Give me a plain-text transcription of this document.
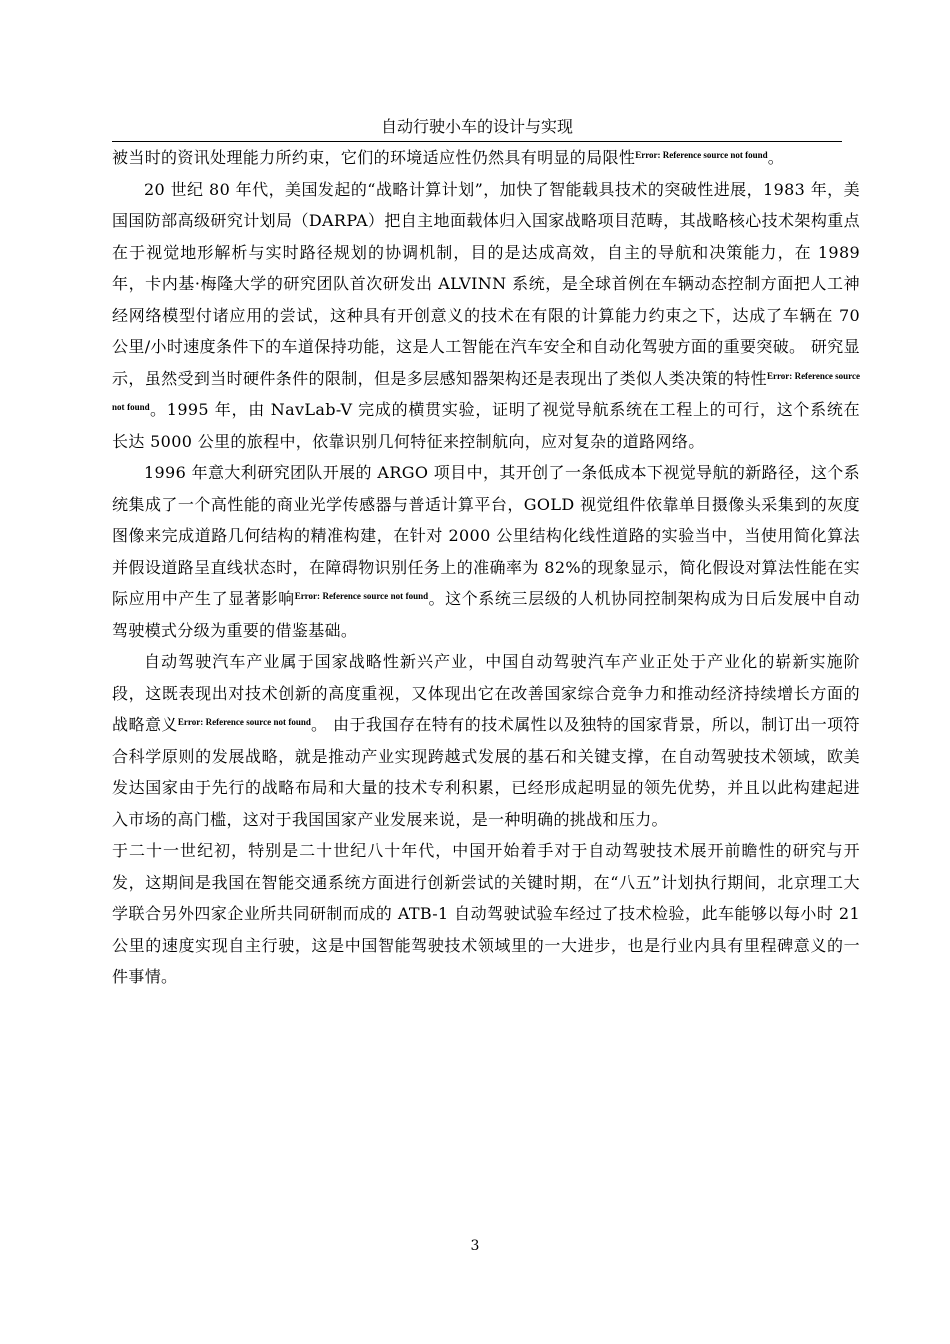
自动行驶小车的设计与实现

被当时的资讯处理能力所约束，它们的环境适应性仍然具有明显的局限性$^{Error: Reference source not found}$。

20 世纪 80 年代，美国发起的“战略计算计划”，加快了智能载具技术的突破性进展，1983 年，美国国防部高级研究计划局（DARPA）把自主地面载体归入国家战略项目范畴，其战略核心技术架构重点在于视觉地形解析与实时路径规划的协调机制，目的是达成高效，自主的导航和决策能力，在 1989 年，卡内基·梅隆大学的研究团队首次研发出 ALVINN 系统，是全球首例在车辆动态控制方面把人工神经网络模型付诸应用的尝试，这种具有开创意义的技术在有限的计算能力约束之下，达成了车辆在 70 公里/小时速度条件下的车道保持功能，这是人工智能在汽车安全和自动化驾驶方面的重要突破。 研究显示，虽然受到当时硬件条件的限制，但是多层感知器架构还是表现出了类似人类决策的特性$^{Error: Reference source not found}$。1995 年，由 NavLab-V 完成的横贯实验，证明了视觉导航系统在工程上的可行，这个系统在长达 5000 公里的旅程中，依靠识别几何特征来控制航向，应对复杂的道路网络。

1996 年意大利研究团队开展的 ARGO 项目中，其开创了一条低成本下视觉导航的新路径，这个系统集成了一个高性能的商业光学传感器与普适计算平台，GOLD 视觉组件依靠单目摄像头采集到的灰度图像来完成道路几何结构的精准构建，在针对 2000 公里结构化线性道路的实验当中，当使用简化算法并假设道路呈直线状态时，在障碍物识别任务上的准确率为 82%的现象显示，简化假设对算法性能在实际应用中产生了显著影响$^{Error: Reference source not found}$。这个系统三层级的人机协同控制架构成为日后发展中自动驾驶模式分级为重要的借鉴基础。

自动驾驶汽车产业属于国家战略性新兴产业，中国自动驾驶汽车产业正处于产业化的崭新实施阶段，这既表现出对技术创新的高度重视，又体现出它在改善国家综合竞争力和推动经济持续增长方面的战略意义$^{Error: Reference source not found}$。 由于我国存在特有的技术属性以及独特的国家背景，所以，制订出一项符合科学原则的发展战略，就是推动产业实现跨越式发展的基石和关键支撑，在自动驾驶技术领域，欧美发达国家由于先行的战略布局和大量的技术专利积累，已经形成起明显的领先优势，并且以此构建起进入市场的高门槛，这对于我国国家产业发展来说，是一种明确的挑战和压力。

于二十一世纪初，特别是二十世纪八十年代，中国开始着手对于自动驾驶技术展开前瞻性的研究与开发，这期间是我国在智能交通系统方面进行创新尝试的关键时期，在“八五”计划执行期间，北京理工大学联合另外四家企业所共同研制而成的 ATB-1 自动驾驶试验车经过了技术检验，此车能够以每小时 21 公里的速度实现自主行驶，这是中国智能驾驶技术领域里的一大进步，也是行业内具有里程碑意义的一件事情。

3
